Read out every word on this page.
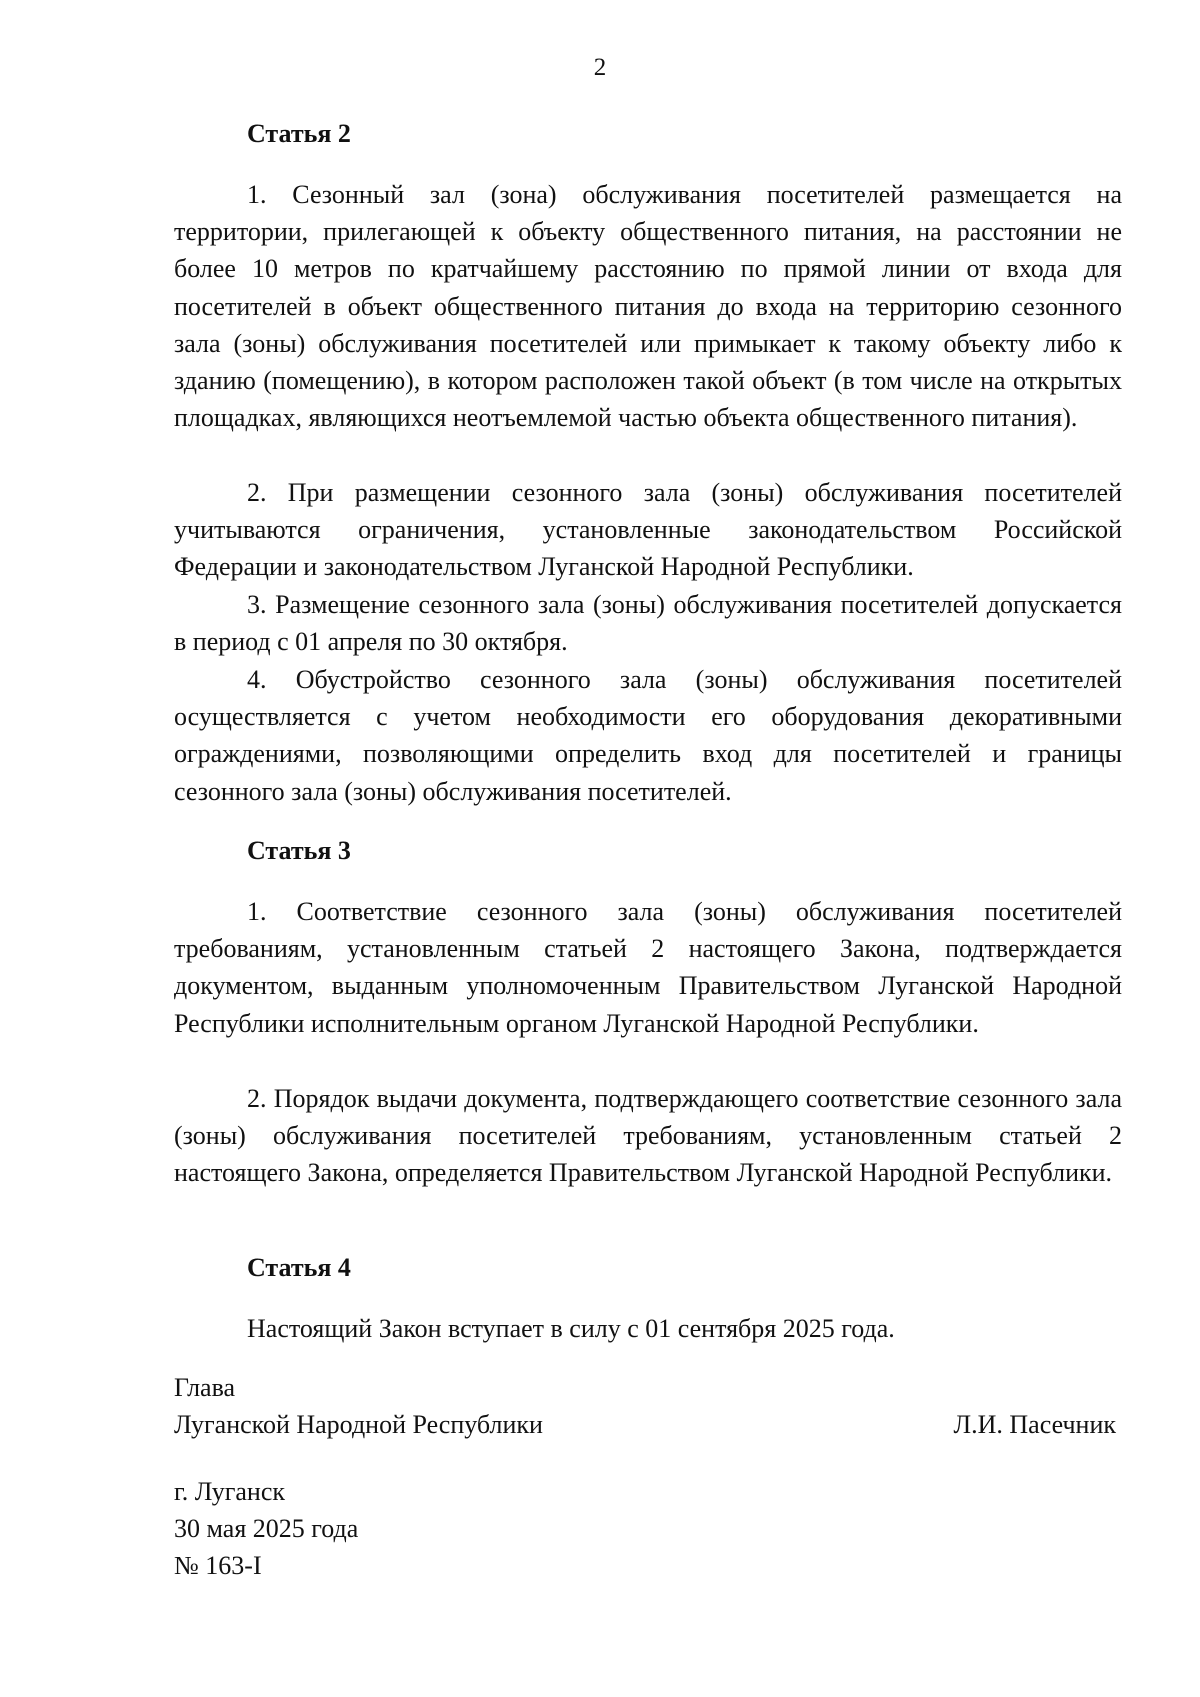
2
Статья 2

1. Сезонный зал (зона) обслуживания посетителей размещается на территории, прилегающей к объекту общественного питания, на расстоянии не более 10 метров по кратчайшему расстоянию по прямой линии от входа для посетителей в объект общественного питания до входа на территорию сезонного зала (зоны) обслуживания посетителей или примыкает к такому объекту либо к зданию (помещению), в котором расположен такой объект (в том числе на открытых площадках, являющихся неотъемлемой частью объекта общественного питания).

2. При размещении сезонного зала (зоны) обслуживания посетителей учитываются ограничения, установленные законодательством Российской Федерации и законодательством Луганской Народной Республики.

3. Размещение сезонного зала (зоны) обслуживания посетителей допускается в период с 01 апреля по 30 октября.

4. Обустройство сезонного зала (зоны) обслуживания посетителей осуществляется с учетом необходимости его оборудования декоративными ограждениями, позволяющими определить вход для посетителей и границы сезонного зала (зоны) обслуживания посетителей.

Статья 3

1. Соответствие сезонного зала (зоны) обслуживания посетителей требованиям, установленным статьей 2 настоящего Закона, подтверждается документом, выданным уполномоченным Правительством Луганской Народной Республики исполнительным органом Луганской Народной Республики.

2. Порядок выдачи документа, подтверждающего соответствие сезонного зала (зоны) обслуживания посетителей требованиям, установленным статьей 2 настоящего Закона, определяется Правительством Луганской Народной Республики.

Статья 4

Настоящий Закон вступает в силу с 01 сентября 2025 года.

Глава
Луганской Народной Республики	Л.И. Пасечник
г. Луганск
30 мая 2025 года
№ 163-I
